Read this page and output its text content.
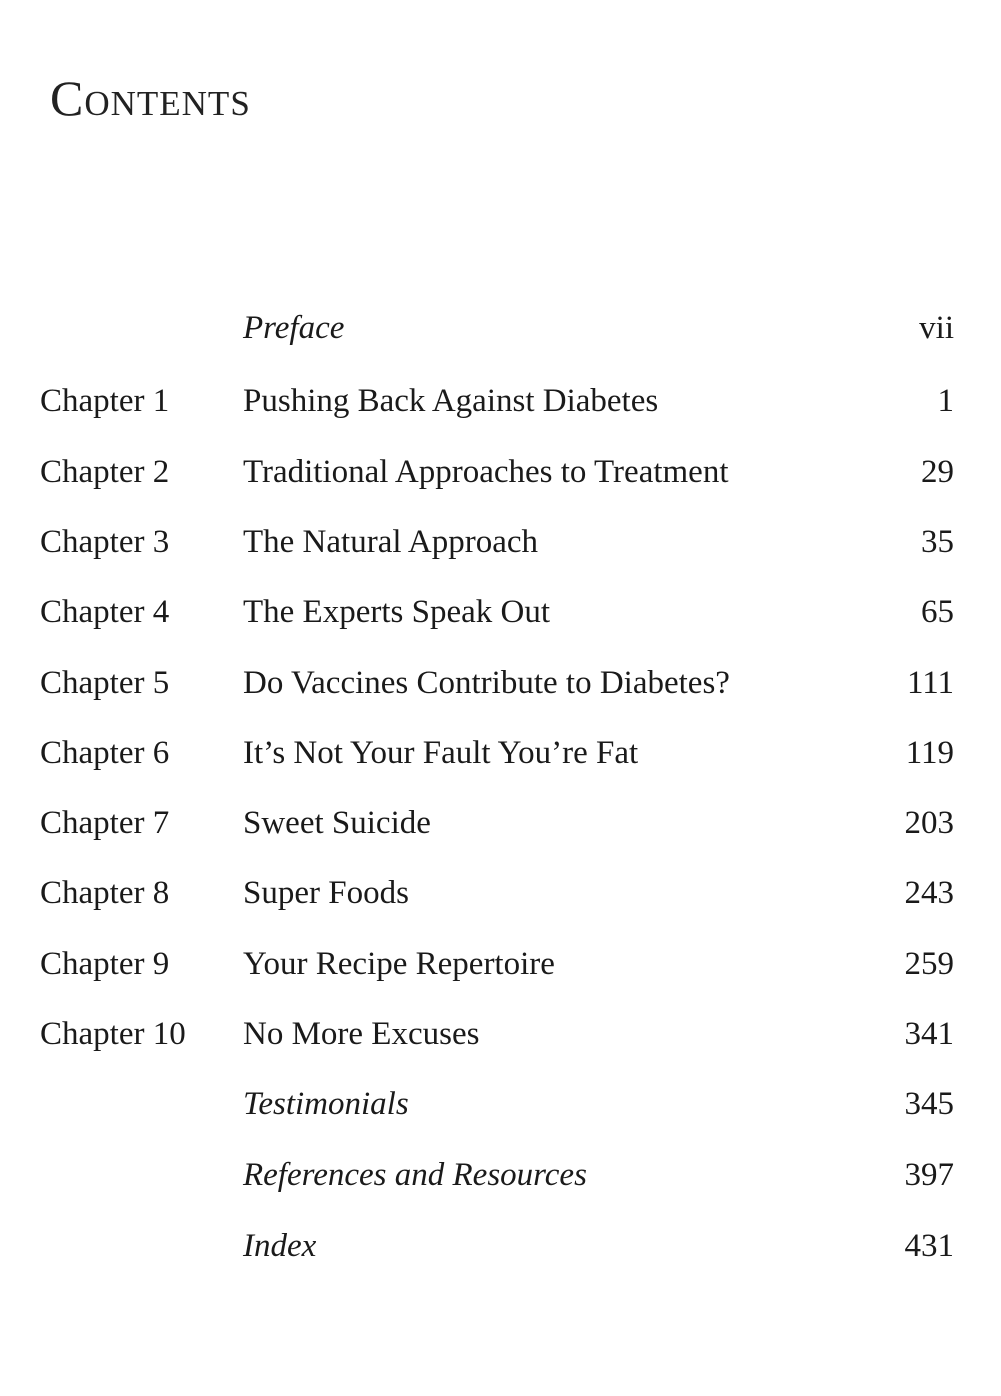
Contents
Preface	vii
Chapter 1 Pushing Back Against Diabetes	1
Chapter 2 Traditional Approaches to Treatment	29
Chapter 3 The Natural Approach	35
Chapter 4 The Experts Speak Out	65
Chapter 5 Do Vaccines Contribute to Diabetes?	111
Chapter 6 It’s Not Your Fault You’re Fat	119
Chapter 7 Sweet Suicide	203
Chapter 8 Super Foods	243
Chapter 9 Your Recipe Repertoire	259
Chapter 10 No More Excuses	341
Testimonials	345
References and Resources	397
Index	431
